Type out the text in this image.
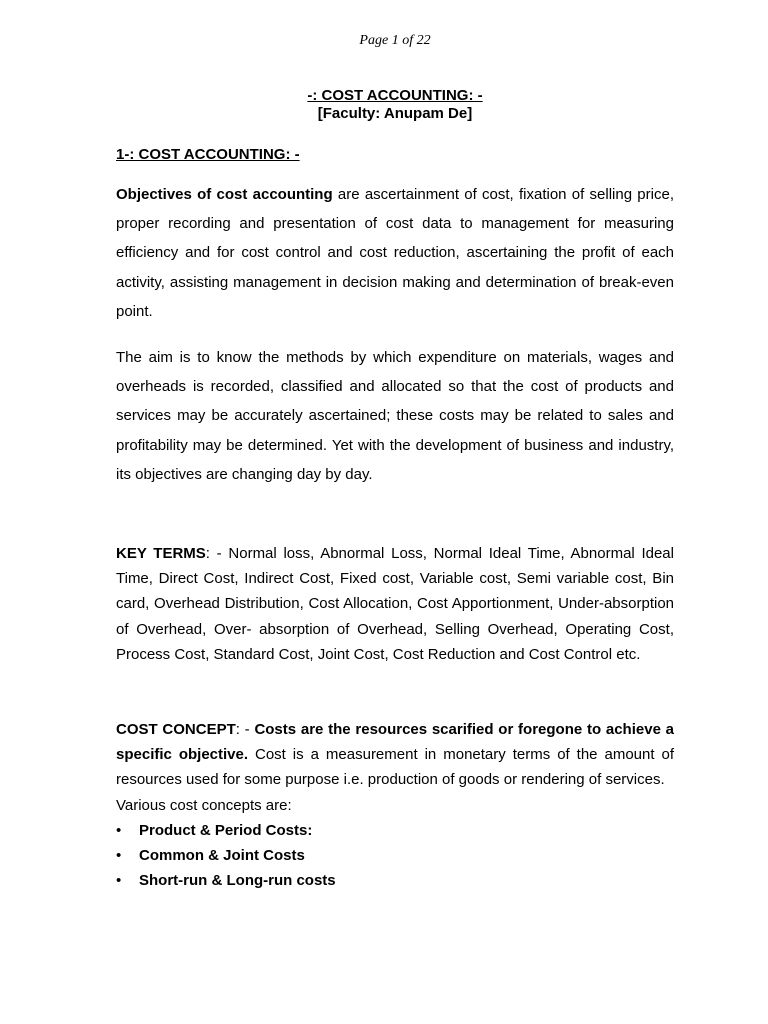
Page 1 of 22
-: COST ACCOUNTING: -
[Faculty: Anupam De]
1-: COST ACCOUNTING: -

Objectives of cost accounting are ascertainment of cost, fixation of selling price, proper recording and presentation of cost data to management for measuring efficiency and for cost control and cost reduction, ascertaining the profit of each activity, assisting management in decision making and determination of break-even point.

The aim is to know the methods by which expenditure on materials, wages and overheads is recorded, classified and allocated so that the cost of products and services may be accurately ascertained; these costs may be related to sales and profitability may be determined. Yet with the development of business and industry, its objectives are changing day by day.

KEY TERMS: - Normal loss, Abnormal Loss, Normal Ideal Time, Abnormal Ideal Time, Direct Cost, Indirect Cost, Fixed cost, Variable cost, Semi variable cost, Bin card, Overhead Distribution, Cost Allocation, Cost Apportionment, Under-absorption of Overhead, Over- absorption of Overhead, Selling Overhead, Operating Cost, Process Cost, Standard Cost, Joint Cost, Cost Reduction and Cost Control etc.

COST CONCEPT: - Costs are the resources scarified or foregone to achieve a specific objective. Cost is a measurement in monetary terms of the amount of resources used for some purpose i.e. production of goods or rendering of services.

Various cost concepts are:
• Product & Period Costs:
• Common & Joint Costs
• Short-run & Long-run costs
